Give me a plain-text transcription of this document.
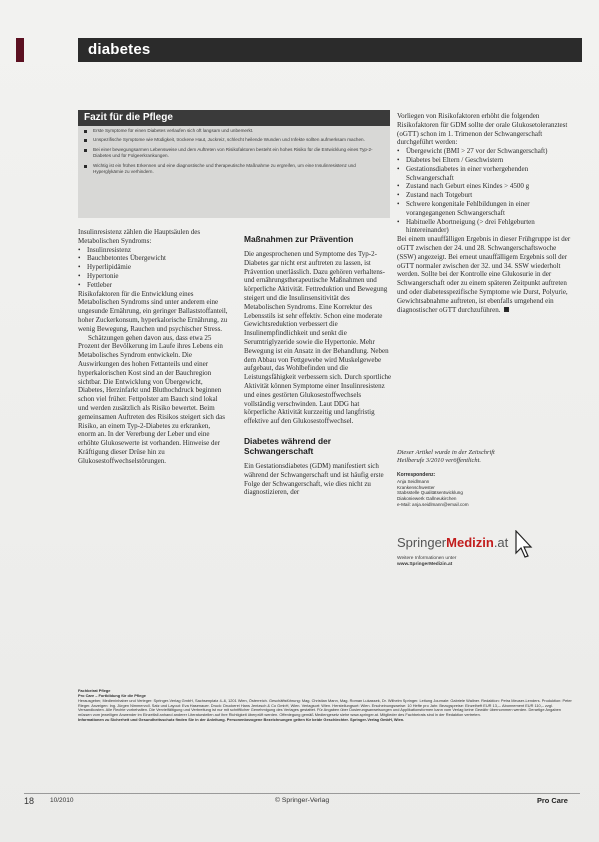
diabetes
Fazit für die Pflege
Erste Symptome für einen Diabetes verlaufen sich oft langsam und unbemerkt.
Unspezifische Symptome wie Müdigkeit, trockene Haut, Juckreiz, schlecht heilende Wunden und Infekte sollten aufmerksam machen.
Bei einer bewegungsarmen Lebensweise und dem Auftreten von Risikofaktoren besteht ein hohes Risiko für die Entwicklung eines Typ-2-Diabetes und für Folgeerkrankungen.
Wichtig ist ein frühes Erkennen und eine diagnostische und therapeutische Maßnahme zu ergreifen, um eine Insulinresistenz und Hyperglykämie zu verhindern.

Insulinresistenz zählen die Hauptsäulen des Metabolischen Syndroms:

• Insulinresistenz
• Bauchbetontes Übergewicht
• Hyperlipidämie
• Hypertonie
• Fettleber

Risikofaktoren für die Entwicklung eines Metabolischen Syndroms sind unter anderem eine ungesunde Ernährung, ein geringer Ballaststoffanteil, hoher Zuckerkonsum, hyperkalorische Ernährung, zu wenig Bewegung, Rauchen und psychischer Stress.

Schätzungen gehen davon aus, dass etwa 25 Prozent der Bevölkerung im Laufe ihres Lebens ein Metabolisches Syndrom entwickeln. Die Auswirkungen des hohen Fettanteils und einer hyperkalorischen Kost sind an der Bauchregion sichtbar. Die Entwicklung von Übergewicht, Diabetes, Herzinfarkt und Bluthochdruck beginnen schon viel früher. Fettpolster am Bauch sind lokal und werden zusätzlich als Risiko bewertet. Beim gemeinsamen Auftreten des Risikos steigert sich das Risiko, an einem Typ-2-Diabetes zu erkranken, enorm an. In der Vererbung der Leber und eine erhöhte Glukosewerte ist vorhanden. Hinweise der Kräftigung dieser Drüse hin zu Glukosestoffwechselstörungen.

Maßnahmen zur Prävention

Die angesprochenen und Symptome des Typ-2-Diabetes gar nicht erst auftreten zu lassen, ist Prävention unerlässlich. Dazu gehören verhaltens- und ernährungstherapeutische Maßnahmen und körperliche Aktivität. Fettreduktion und Bewegung steigert und die Insulinsensitivität des Metabolischen Syndroms. Eine Korrektur des Lebensstils ist sehr effektiv. Schon eine moderate Gewichtsreduktion verbessert die Insulinempfindlichkeit und senkt die Serumtriglyzeride sowie die Hypertonie. Mehr Bewegung ist ein Ansatz in der Behandlung. Neben dem Abbau von Fettgewebe wird Muskelgewebe aufgebaut, das Wohlbefinden und die Leistungsfähigkeit verbessern sich. Durch sportliche Aktivität können Symptome einer Insulinresistenz und eines gestörten Glukosestoffwechsels vollständig verschwinden. Laut DDG hat körperliche Aktivität kurzzeitig und langfristig effektive auf den Glukosestoffwechsel.

Diabetes während der Schwangerschaft

Ein Gestationsdiabetes (GDM) manifestiert sich während der Schwangerschaft und ist häufig erste Folge der Schwangerschaft, wie dies nicht zu diagnostizieren, der

Vorliegen von Risikofaktoren erhöht die folgenden Risikofaktoren für GDM sollte der orale Glukosetoleranztest (oGTT) schon im 1. Trimenon der Schwangerschaft durchgeführt werden:

• Übergewicht (BMI > 27 vor der Schwangerschaft)
• Diabetes bei Eltern / Geschwistern
• Gestationsdiabetes in einer vorhergehenden Schwangerschaft
• Zustand nach Geburt eines Kindes > 4500 g
• Zustand nach Totgeburt
• Schwere kongenitale Fehlbildungen in einer vorangegangenen Schwangerschaft
• Habituelle Abortneigung (> drei Fehlgeburten hintereinander)

Bei einem unauffälligen Ergebnis in dieser Frühgruppe ist der oGTT zwischen der 24. und 28. Schwangerschaftswoche (SSW) angezeigt. Bei erneut unauffälligem Ergebnis soll der oGTT normaler zwischen der 32. und 34. SSW wiederholt werden. Sollte bei der Kontrolle eine Glukosurie in der Schwangerschaft oder zu einem späteren Zeitpunkt auftreten und oder diabetesspezifische Symptome wie Durst, Polyurie, Gewichtsabnahme auftreten, ist ebenfalls umgehend ein diagnostischer oGTT durchzuführen.

Dieser Artikel wurde in der Zeitschrift
Heilberufe 3/2010 veröffentlicht.
Korrespondenz:
Anja Seidlmann
Krankenschwester
Stabsstelle Qualitätsentwicklung
Diakoniewerk Gallneukirchen
e-Mail: anja.seidlmann@email.com
SpringerMedizin.at
Weitere Informationen unter
www.SpringerMedizin.at
Fachbeirat Pflege
Pro Care – Fortbildung für die Pflege
Herausgeber, Medieninhaber und Verleger: Springer-Verlag GmbH, Sachsenplatz 4–6, 1201 Wien, Österreich. Geschäftsführung: Mag. Christian Mann, Mag. Roman Lukassek, Dr. Wilhelm Springer. Leitung Journale: Gabriele Wallner. Redaktion: Petra Meuser-Lenders. Produktion: Peter Rieger. Anzeigen: Ing. Jürgen Nimmervoll. Satz und Layout: Eva Hasenauer. Druck: Druckerei Hans Jentzsch & Co GmbH, Wien. Verlagsort: Wien. Herstellungsort: Wien. Erscheinungsweise: 10 Hefte pro Jahr. Bezugspreise: Einzelheft EUR 13,–. Abonnement EUR 110,– zzgl. Versandkosten. Alle Rechte vorbehalten. Die Vervielfältigung und Verbreitung ist nur mit schriftlicher Genehmigung des Verlages gestattet. Für Angaben über Dosierungsanweisungen und Applikationsformen kann vom Verlag keine Gewähr übernommen werden. Derartige Angaben müssen vom jeweiligen Anwender im Einzelfall anhand anderer Literaturstellen auf ihre Richtigkeit überprüft werden. Offenlegung gemäß Mediengesetz siehe www.springer.at. Mitglieder des Fachbeirats sind in der Redaktion vertreten.
Informationen zu Sicherheit und Gesundheitsschutz finden Sie in der Anleitung. Personenbezogene Bezeichnungen gelten für beide Geschlechter. Springer-Verlag GmbH, Wien.
18 10/2010	© Springer-Verlag	Pro Care
